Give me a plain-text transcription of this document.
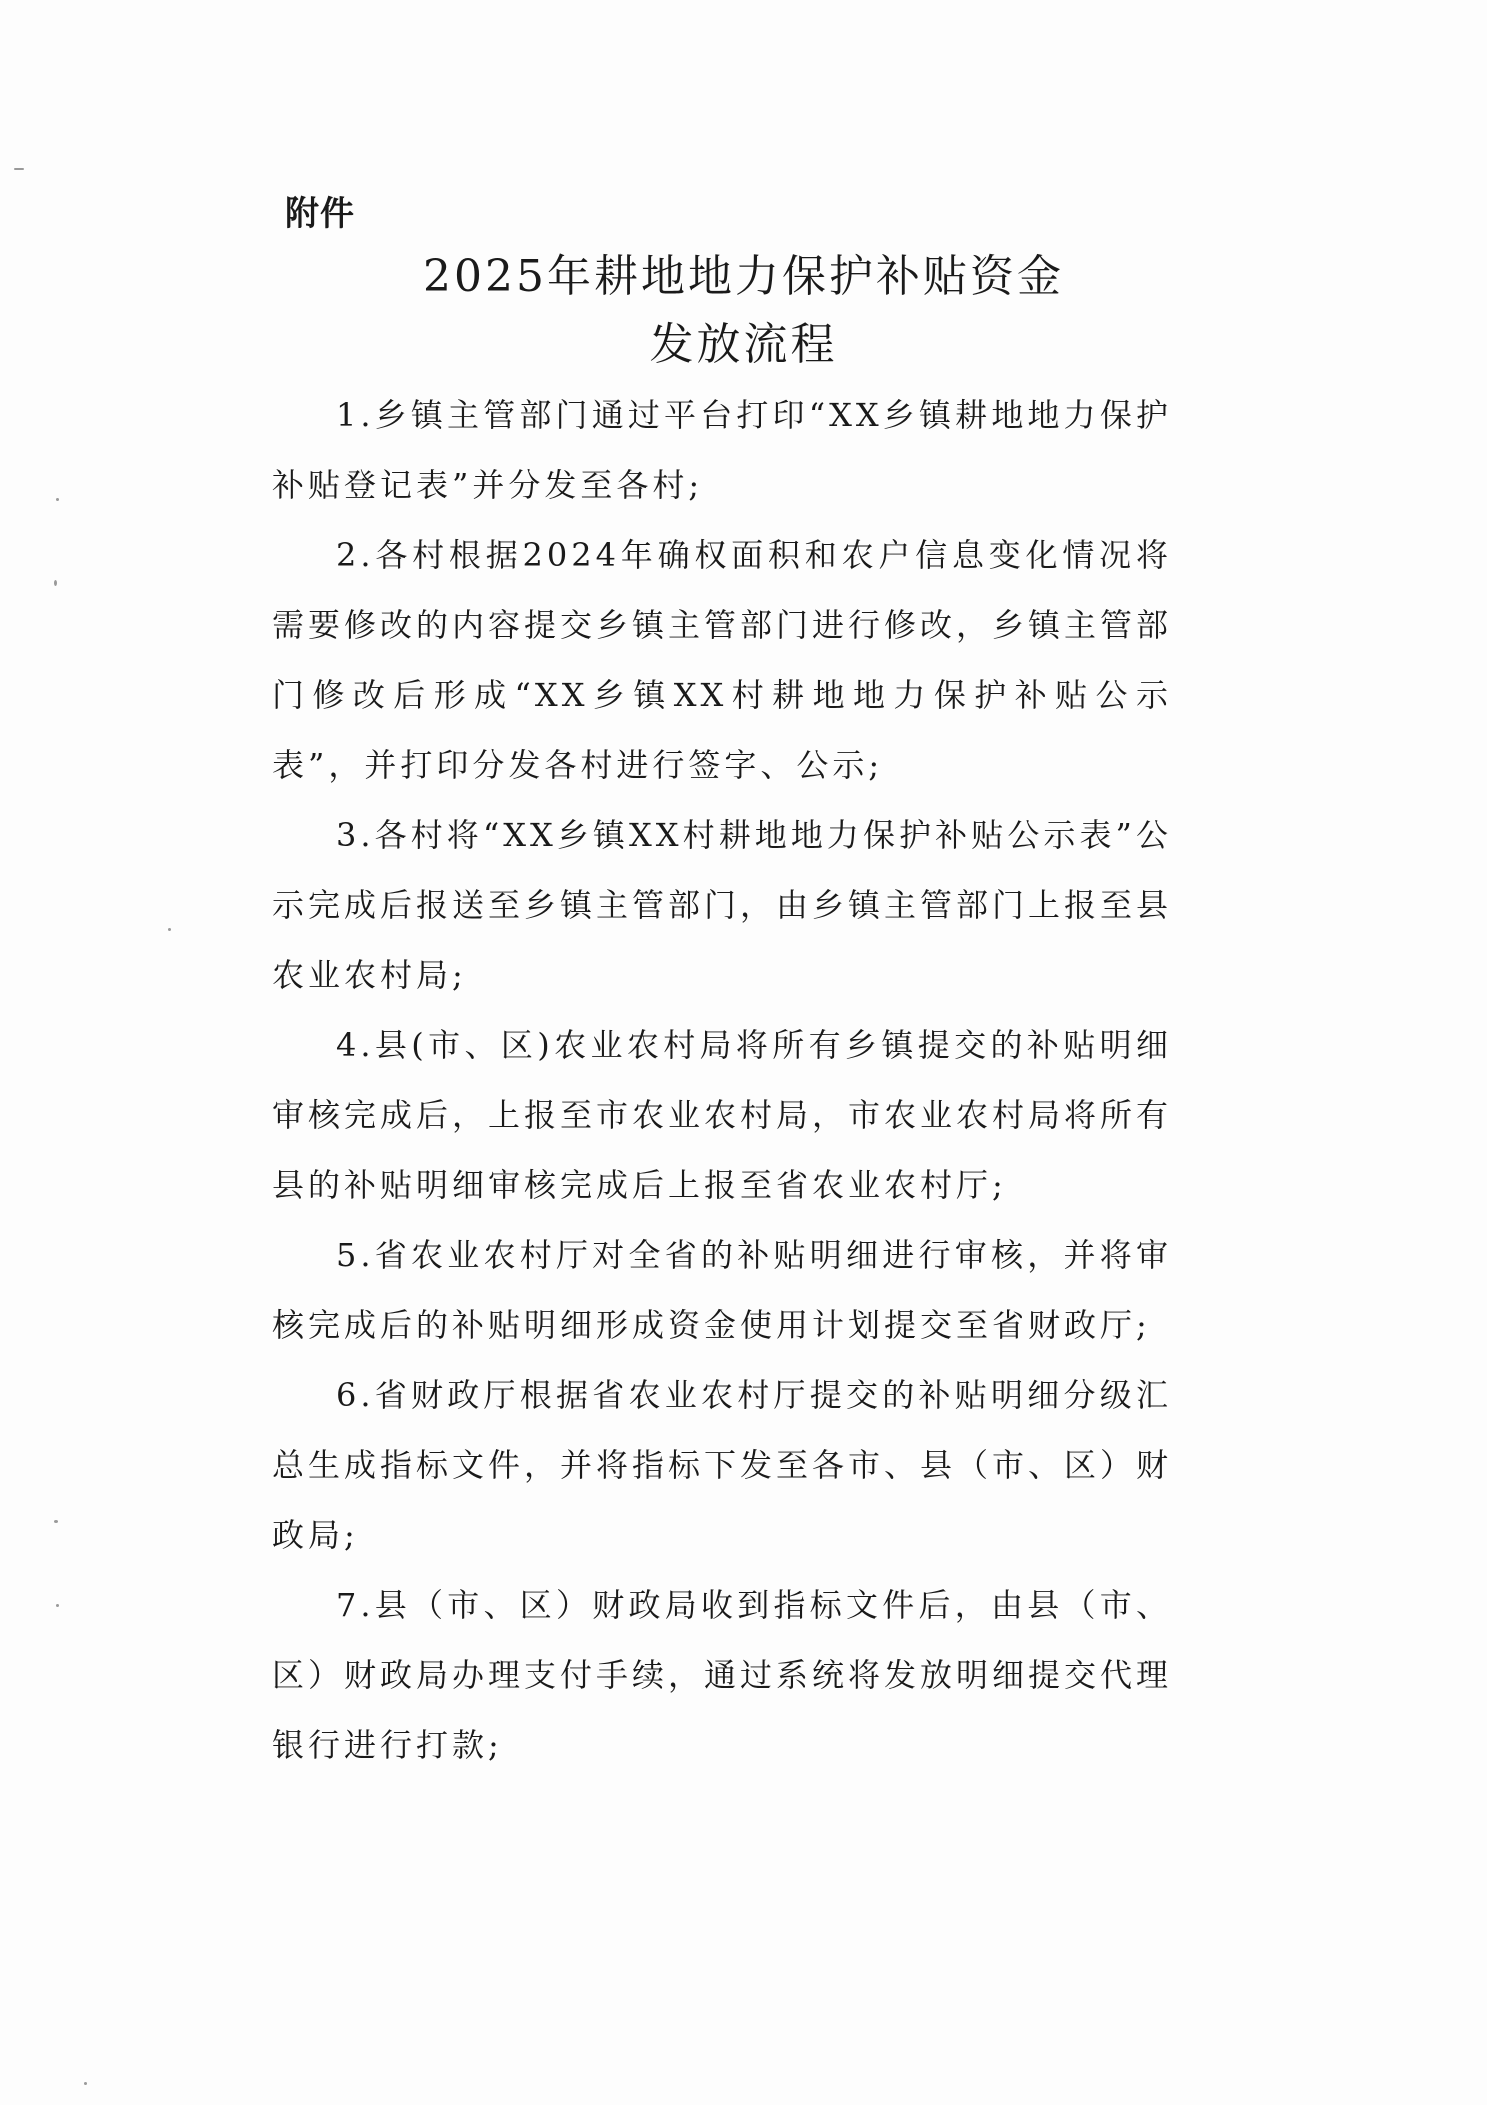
附件
2025年耕地地力保护补贴资金
发放流程

1.乡镇主管部门通过平台打印“XX乡镇耕地地力保护补贴登记表”并分发至各村;

2.各村根据2024年确权面积和农户信息变化情况将需要修改的内容提交乡镇主管部门进行修改，乡镇主管部门修改后形成“XX乡镇XX村耕地地力保护补贴公示表”，并打印分发各村进行签字、公示;

3.各村将“XX乡镇XX村耕地地力保护补贴公示表”公示完成后报送至乡镇主管部门，由乡镇主管部门上报至县农业农村局;

4.县(市、区)农业农村局将所有乡镇提交的补贴明细审核完成后，上报至市农业农村局，市农业农村局将所有县的补贴明细审核完成后上报至省农业农村厅;

5.省农业农村厅对全省的补贴明细进行审核，并将审核完成后的补贴明细形成资金使用计划提交至省财政厅;

6.省财政厅根据省农业农村厅提交的补贴明细分级汇总生成指标文件，并将指标下发至各市、县（市、区）财政局;

7.县（市、区）财政局收到指标文件后，由县（市、区）财政局办理支付手续，通过系统将发放明细提交代理银行进行打款;
